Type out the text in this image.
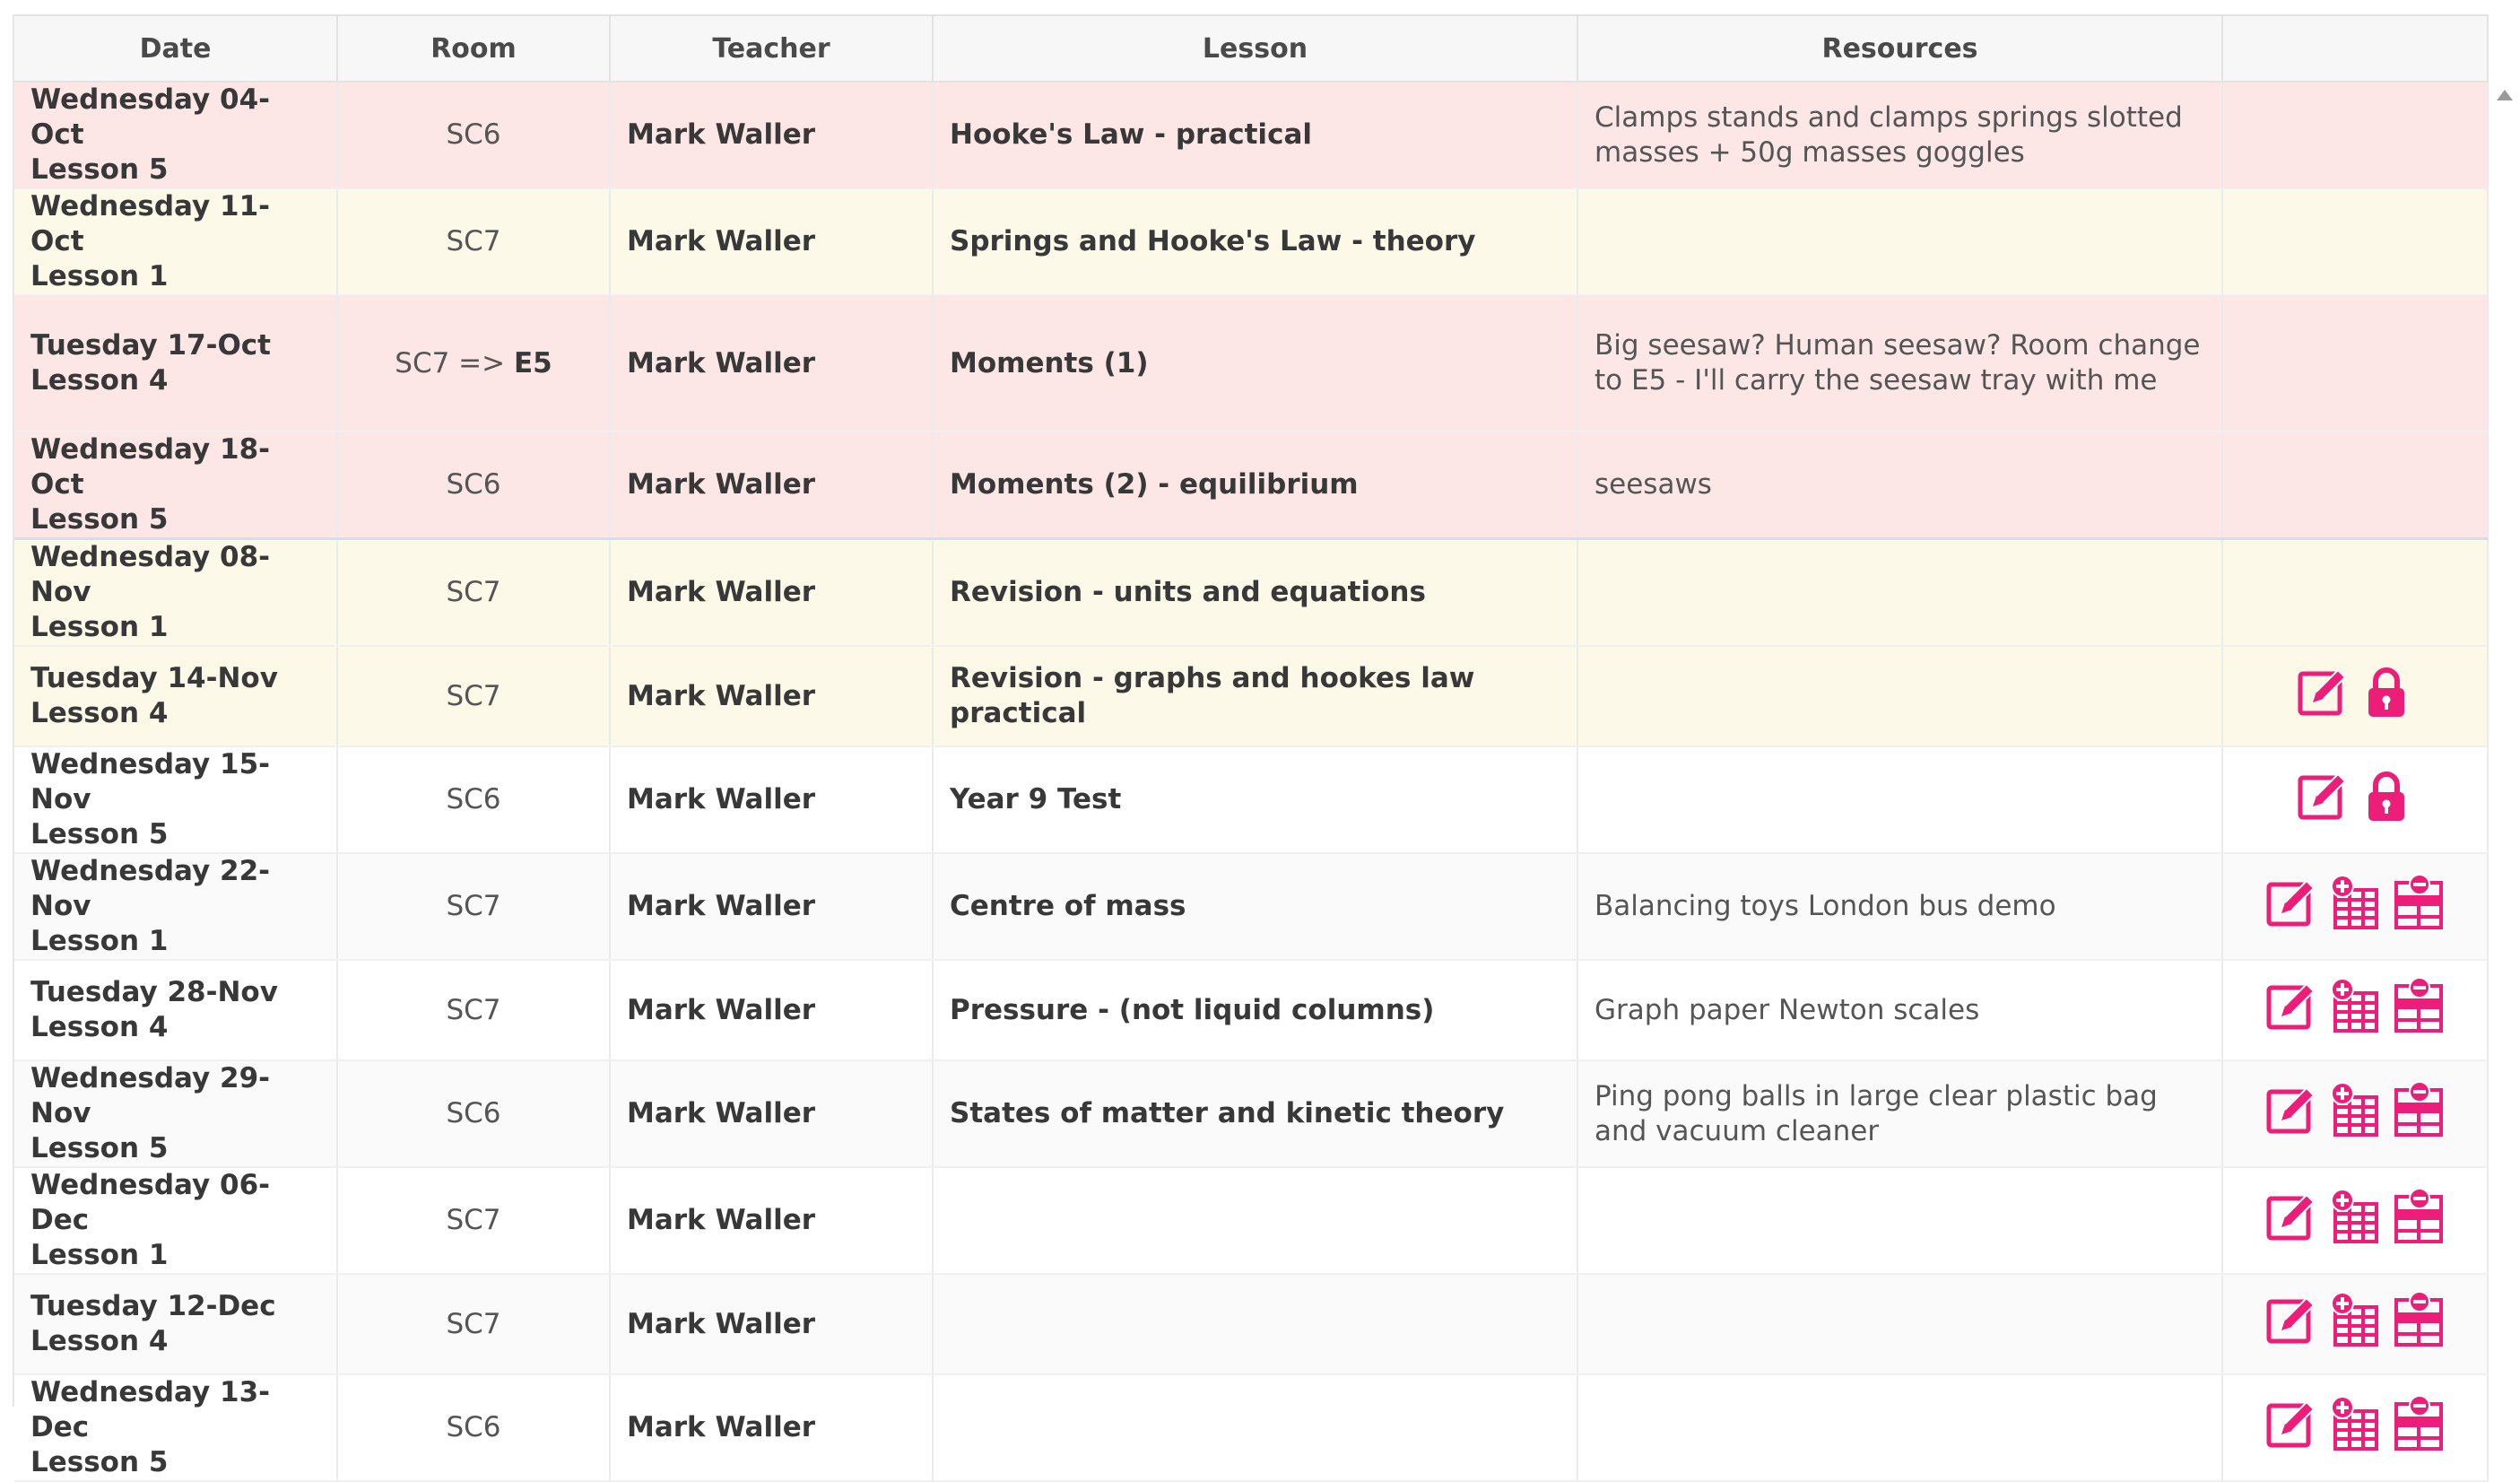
Date	Room	Teacher	Lesson	Resources	

Wednesday 04-Oct
Lesson 5	SC6	Mark Waller	Hooke's Law - practical	Clamps stands and clamps springs slotted masses + 50g masses goggles	

Wednesday 11-Oct
Lesson 1	SC7	Mark Waller	Springs and Hooke's Law - theory		

Tuesday 17-Oct
Lesson 4	SC7 => E5	Mark Waller	Moments (1)	Big seesaw? Human seesaw? Room change to E5 - I'll carry the seesaw tray with me	

Wednesday 18-Oct
Lesson 5	SC6	Mark Waller	Moments (2) - equilibrium	seesaws	

Wednesday 08-Nov
Lesson 1	SC7	Mark Waller	Revision - units and equations		

Tuesday 14-Nov
Lesson 4	SC7	Mark Waller	Revision - graphs and hookes law practical		

Wednesday 15-Nov
Lesson 5	SC6	Mark Waller	Year 9 Test		

Wednesday 22-Nov
Lesson 1	SC7	Mark Waller	Centre of mass	Balancing toys London bus demo	

Tuesday 28-Nov
Lesson 4	SC7	Mark Waller	Pressure - (not liquid columns)	Graph paper Newton scales	

Wednesday 29-Nov
Lesson 5	SC6	Mark Waller	States of matter and kinetic theory	Ping pong balls in large clear plastic bag and vacuum cleaner	

Wednesday 06-Dec
Lesson 1	SC7	Mark Waller			

Tuesday 12-Dec
Lesson 4	SC7	Mark Waller			

Wednesday 13-Dec
Lesson 5	SC6	Mark Waller			
